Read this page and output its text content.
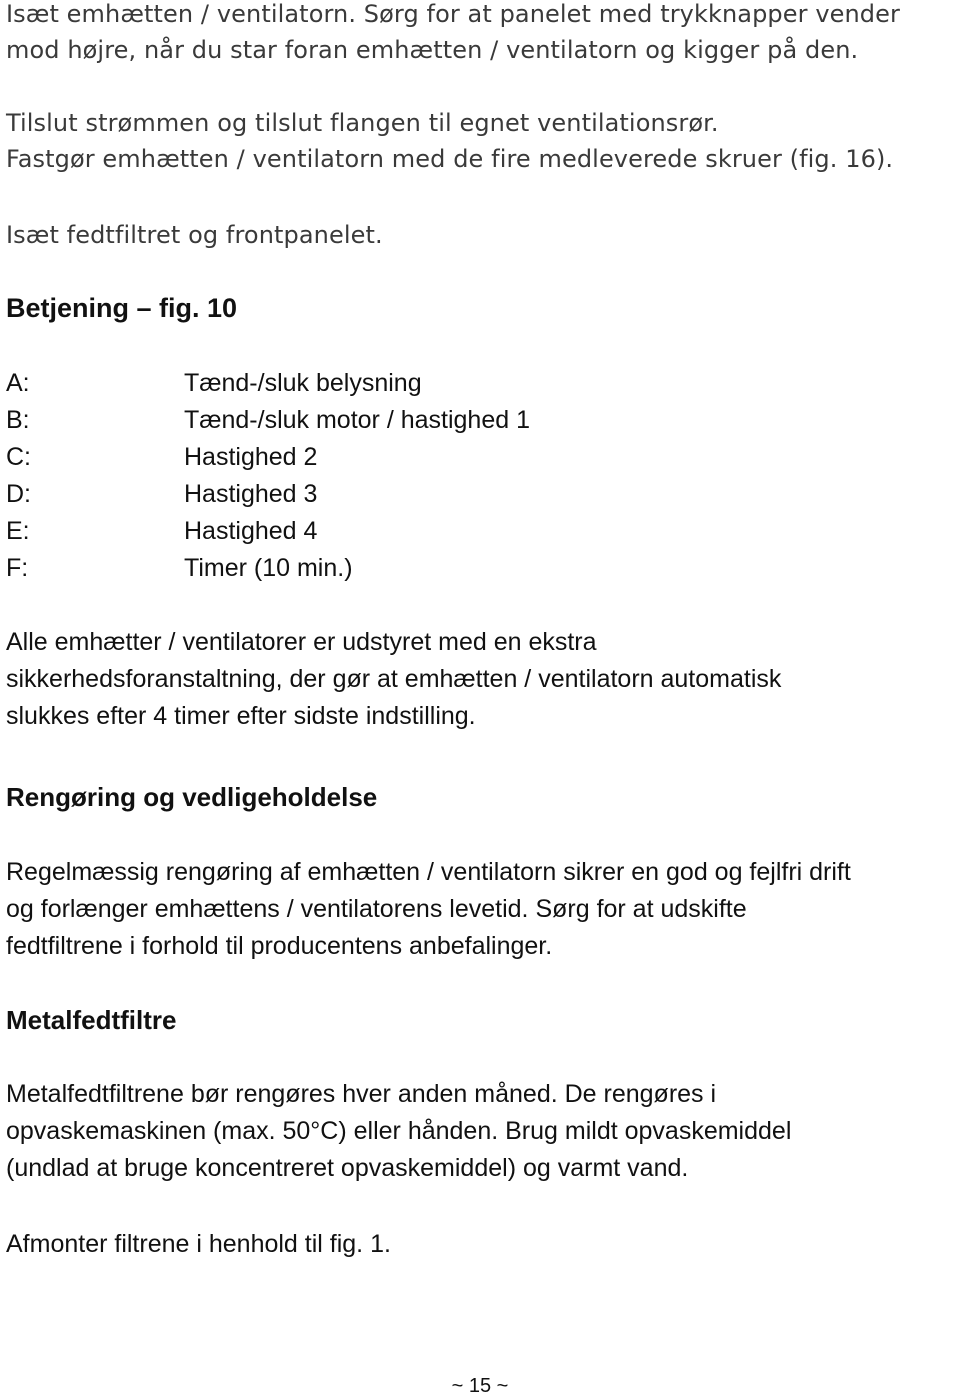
Isæt emhætten / ventilatorn. Sørg for at panelet med trykknapper vender
mod højre, når du star foran emhætten / ventilatorn og kigger på den.

Tilslut strømmen og tilslut flangen til egnet ventilationsrør.
Fastgør emhætten / ventilatorn med de fire medleverede skruer (fig. 16).

Isæt fedtfiltret og frontpanelet.

Betjening – fig. 10
A:	Tænd-/sluk belysning
B:	Tænd-/sluk motor / hastighed 1
C:	Hastighed 2
D:	Hastighed 3
E:	Hastighed 4
F:	Timer (10 min.)

Alle emhætter / ventilatorer er udstyret med en ekstra
sikkerhedsforanstaltning, der gør at emhætten / ventilatorn automatisk
slukkes efter 4 timer efter sidste indstilling.

Rengøring og vedligeholdelse

Regelmæssig rengøring af emhætten / ventilatorn sikrer en god og fejlfri drift
og forlænger emhættens / ventilatorens levetid. Sørg for at udskifte
fedtfiltrene i forhold til producentens anbefalinger.

Metalfedtfiltre

Metalfedtfiltrene bør rengøres hver anden måned. De rengøres i
opvaskemaskinen (max. 50°C) eller hånden. Brug mildt opvaskemiddel
(undlad at bruge koncentreret opvaskemiddel) og varmt vand.

Afmonter filtrene i henhold til fig. 1.

~ 15 ~
